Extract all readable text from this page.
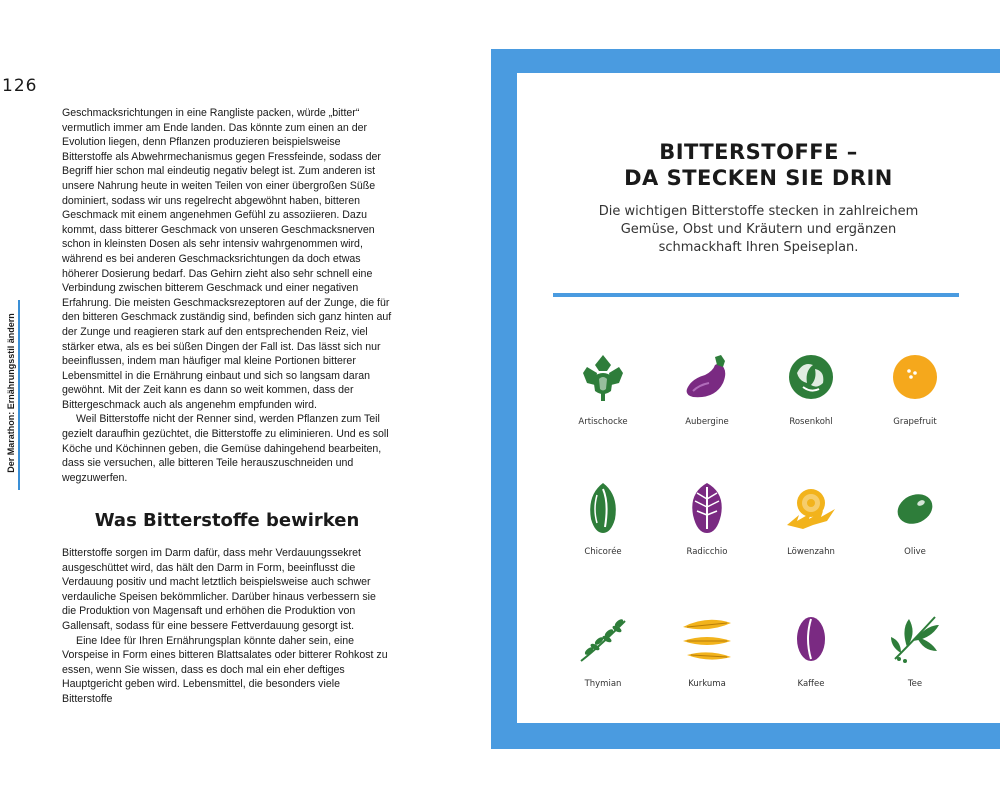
126
Der Marathon: Ernährungsstil ändern

Geschmacksrichtungen in eine Rangliste packen, würde „bitter“ vermutlich immer am Ende landen. Das könnte zum einen an der Evolution liegen, denn Pflanzen produzieren beispielsweise Bitterstoffe als Abwehrmechanismus gegen Fressfeinde, sodass der Begriff hier schon mal eindeutig negativ belegt ist. Zum anderen ist unsere Nahrung heute in weiten Teilen von einer übergroßen Süße dominiert, sodass wir uns regelrecht abgewöhnt haben, bitteren Geschmack mit einem angenehmen Gefühl zu assoziieren. Dazu kommt, dass bitterer Geschmack von unseren Geschmacksnerven schon in kleinsten Dosen als sehr intensiv wahrgenommen wird, während es bei anderen Geschmacksrichtungen da doch etwas höherer Dosierung bedarf. Das Gehirn zieht also sehr schnell eine Verbindung zwischen bitterem Geschmack und einer negativen Erfahrung. Die meisten Geschmacksrezeptoren auf der Zunge, die für den bitteren Geschmack zuständig sind, befinden sich ganz hinten auf der Zunge und reagieren stark auf den entsprechenden Reiz, viel stärker etwa, als es bei süßen Dingen der Fall ist. Das lässt sich nur beeinflussen, indem man häufiger mal kleine Portionen bitterer Lebensmittel in die Ernährung einbaut und sich so langsam daran gewöhnt. Mit der Zeit kann es dann so weit kommen, dass der Bittergeschmack auch als angenehm empfunden wird.

Weil Bitterstoffe nicht der Renner sind, werden Pflanzen zum Teil gezielt daraufhin gezüchtet, die Bitterstoffe zu eliminieren. Und es soll Köche und Köchinnen geben, die Gemüse dahingehend bearbeiten, dass sie versuchen, alle bitteren Teile herauszuschneiden und wegzuwerfen.

Was Bitterstoffe bewirken

Bitterstoffe sorgen im Darm dafür, dass mehr Verdauungssekret ausgeschüttet wird, das hält den Darm in Form, beeinflusst die Verdauung positiv und macht letztlich beispielsweise auch schwer verdauliche Speisen bekömmlicher. Darüber hinaus verbessern sie die Produktion von Magensaft und erhöhen die Produktion von Gallensaft, sodass für eine bessere Fettverdauung gesorgt ist.

Eine Idee für Ihren Ernährungsplan könnte daher sein, eine Vorspeise in Form eines bitteren Blattsalates oder bitterer Rohkost zu essen, wenn Sie wissen, dass es doch mal ein eher deftiges Hauptgericht geben wird. Lebensmittel, die besonders viele Bitterstoffe

BITTERSTOFFE –
DA STECKEN SIE DRIN
Die wichtigen Bitterstoffe stecken in zahlreichem Gemüse, Obst und Kräutern und ergänzen schmackhaft Ihren Speiseplan.
Artischocke	Aubergine	Rosenkohl	Grapefruit
Chicorée	Radicchio	Löwenzahn	Olive
Thymian	Kurkuma	Kaffee	Tee
